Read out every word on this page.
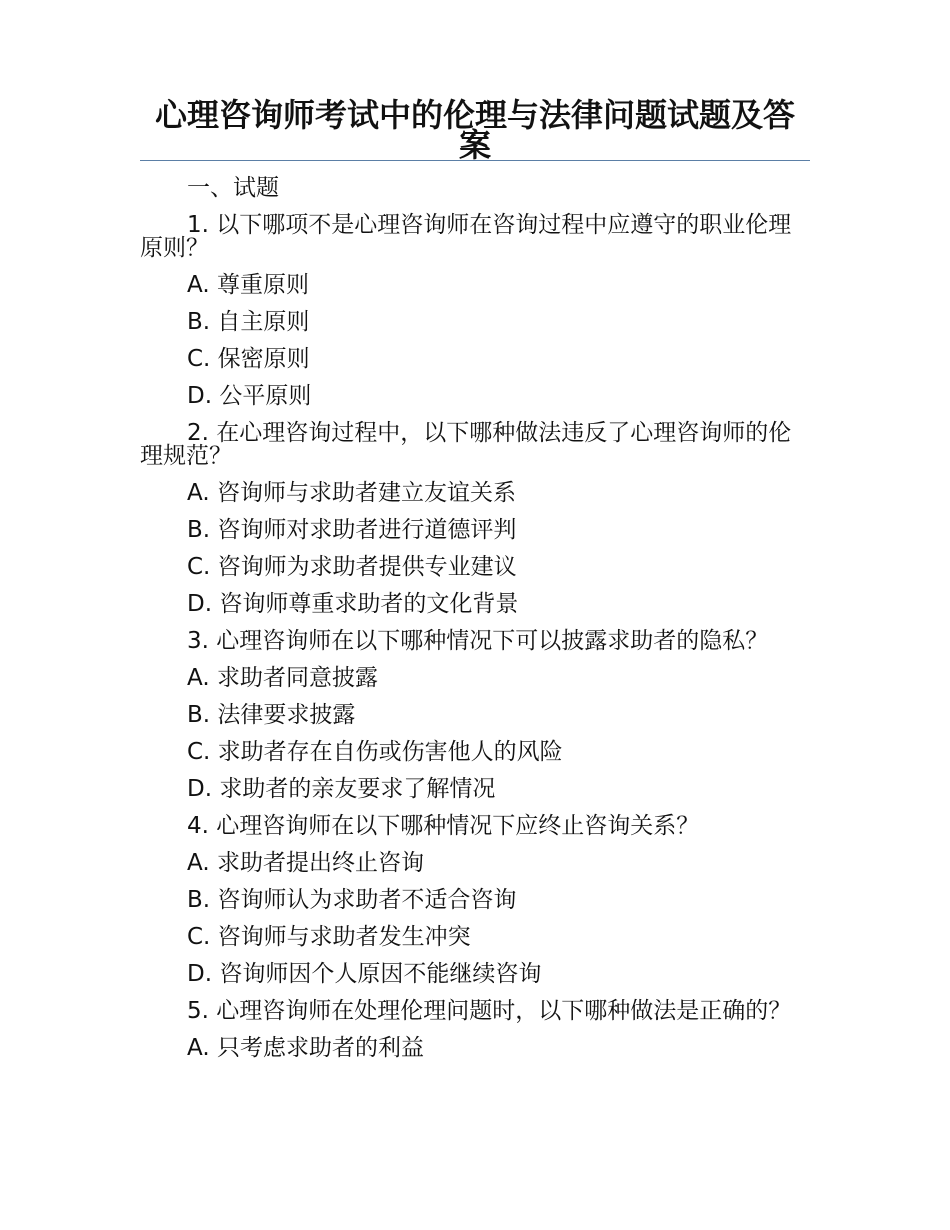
心理咨询师考试中的伦理与法律问题试题及答案

一、试题

1. 以下哪项不是心理咨询师在咨询过程中应遵守的职业伦理原则？

A. 尊重原则

B. 自主原则

C. 保密原则

D. 公平原则

2. 在心理咨询过程中，以下哪种做法违反了心理咨询师的伦理规范？

A. 咨询师与求助者建立友谊关系

B. 咨询师对求助者进行道德评判

C. 咨询师为求助者提供专业建议

D. 咨询师尊重求助者的文化背景

3. 心理咨询师在以下哪种情况下可以披露求助者的隐私？

A. 求助者同意披露

B. 法律要求披露

C. 求助者存在自伤或伤害他人的风险

D. 求助者的亲友要求了解情况

4. 心理咨询师在以下哪种情况下应终止咨询关系？

A. 求助者提出终止咨询

B. 咨询师认为求助者不适合咨询

C. 咨询师与求助者发生冲突

D. 咨询师因个人原因不能继续咨询

5. 心理咨询师在处理伦理问题时，以下哪种做法是正确的？

A. 只考虑求助者的利益
